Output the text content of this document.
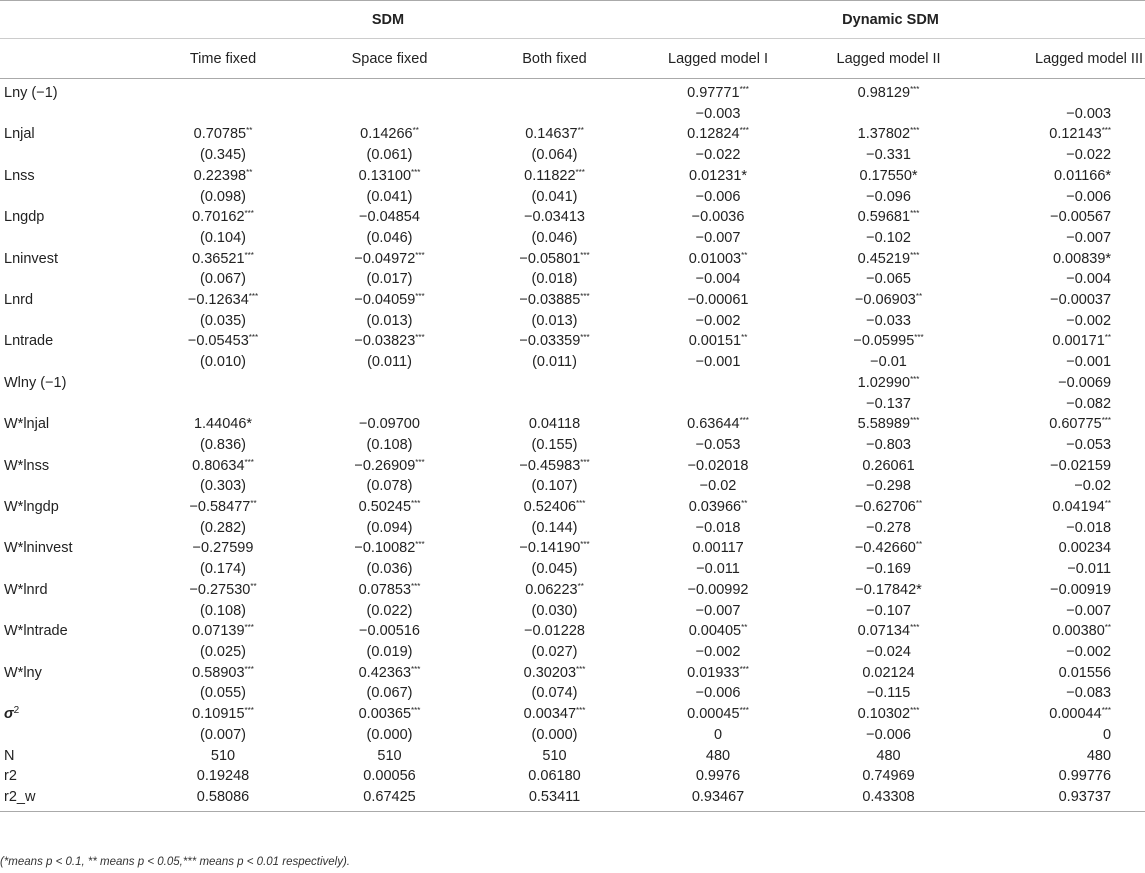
	SDM			Dynamic SDM		
	Time fixed	Space fixed	Both fixed	Lagged model I	Lagged model II	Lagged model III
Lny (−1)				0.97771***	0.98129***	
				−0.003		−0.003
Lnjal	0.70785**	0.14266**	0.14637**	0.12824***	1.37802***	0.12143***
	(0.345)	(0.061)	(0.064)	−0.022	−0.331	−0.022
Lnss	0.22398**	0.13100***	0.11822***	0.01231*	0.17550*	0.01166*
	(0.098)	(0.041)	(0.041)	−0.006	−0.096	−0.006
Lngdp	0.70162***	−0.04854	−0.03413	−0.0036	0.59681***	−0.00567
	(0.104)	(0.046)	(0.046)	−0.007	−0.102	−0.007
Lninvest	0.36521***	−0.04972***	−0.05801***	0.01003**	0.45219***	0.00839*
	(0.067)	(0.017)	(0.018)	−0.004	−0.065	−0.004
Lnrd	−0.12634***	−0.04059***	−0.03885***	−0.00061	−0.06903**	−0.00037
	(0.035)	(0.013)	(0.013)	−0.002	−0.033	−0.002
Lntrade	−0.05453***	−0.03823***	−0.03359***	0.00151**	−0.05995***	0.00171**
	(0.010)	(0.011)	(0.011)	−0.001	−0.01	−0.001
Wlny (−1)					1.02990***	−0.0069
					−0.137	−0.082
W*lnjal	1.44046*	−0.09700	0.04118	0.63644***	5.58989***	0.60775***
	(0.836)	(0.108)	(0.155)	−0.053	−0.803	−0.053
W*lnss	0.80634***	−0.26909***	−0.45983***	−0.02018	0.26061	−0.02159
	(0.303)	(0.078)	(0.107)	−0.02	−0.298	−0.02
W*lngdp	−0.58477**	0.50245***	0.52406***	0.03966**	−0.62706**	0.04194**
	(0.282)	(0.094)	(0.144)	−0.018	−0.278	−0.018
W*lninvest	−0.27599	−0.10082***	−0.14190***	0.00117	−0.42660**	0.00234
	(0.174)	(0.036)	(0.045)	−0.011	−0.169	−0.011
W*lnrd	−0.27530**	0.07853***	0.06223**	−0.00992	−0.17842*	−0.00919
	(0.108)	(0.022)	(0.030)	−0.007	−0.107	−0.007
W*lntrade	0.07139***	−0.00516	−0.01228	0.00405**	0.07134***	0.00380**
	(0.025)	(0.019)	(0.027)	−0.002	−0.024	−0.002
W*lny	0.58903***	0.42363***	0.30203***	0.01933***	0.02124	0.01556
	(0.055)	(0.067)	(0.074)	−0.006	−0.115	−0.083
$\sigma^2$	0.10915***	0.00365***	0.00347***	0.00045***	0.10302***	0.00044***
	(0.007)	(0.000)	(0.000)	0	−0.006	0
N	510	510	510	480	480	480
r2	0.19248	0.00056	0.06180	0.9976	0.74969	0.99776
r2_w	0.58086	0.67425	0.53411	0.93467	0.43308	0.93737
(*means p < 0.1, ** means p < 0.05,*** means p < 0.01 respectively).
